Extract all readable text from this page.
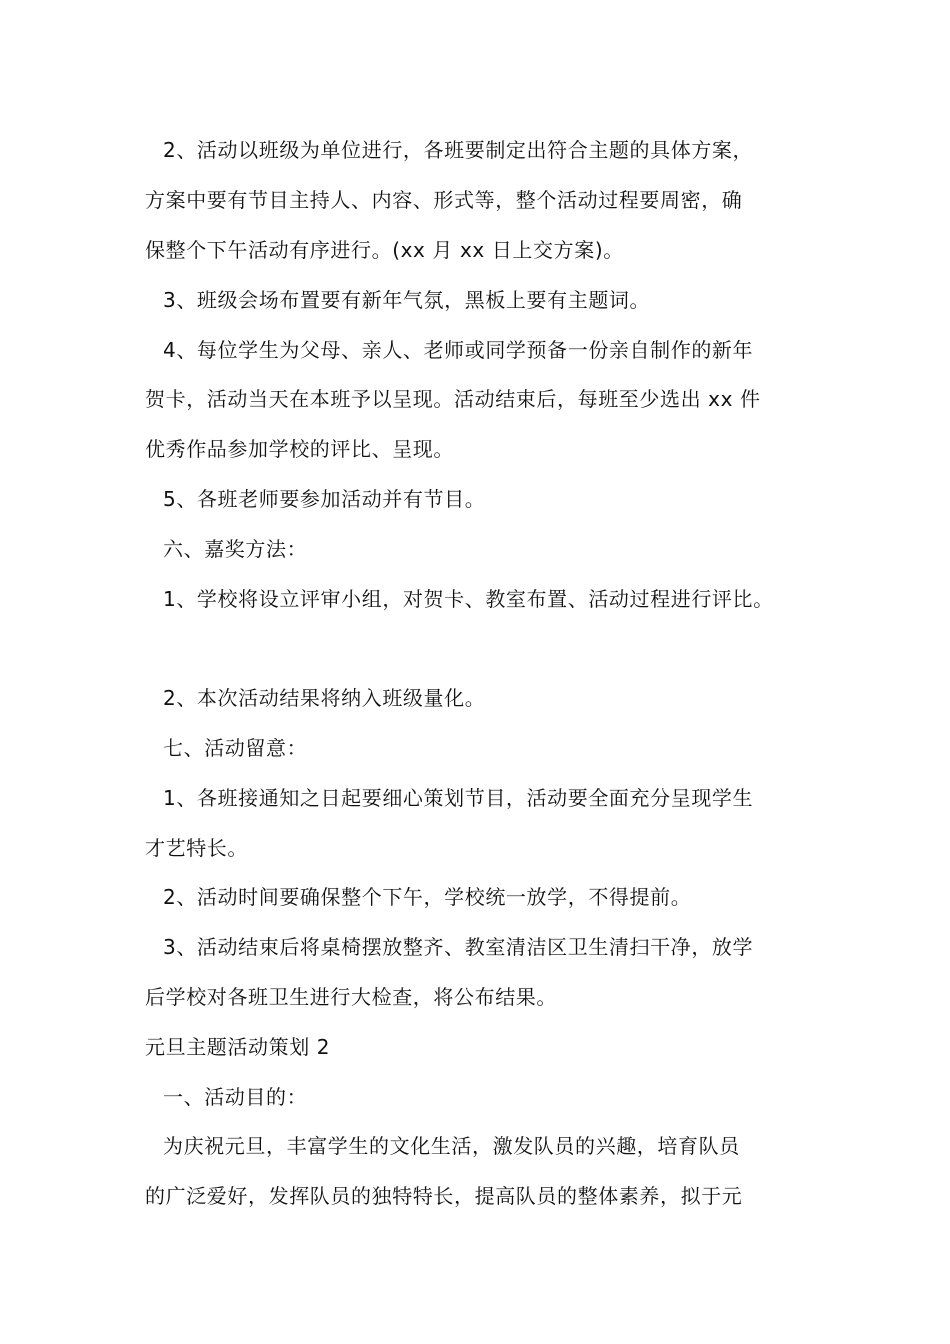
2、活动以班级为单位进行，各班要制定出符合主题的具体方案，
方案中要有节目主持人、内容、形式等，整个活动过程要周密，确
保整个下午活动有序进行。(xx 月 xx 日上交方案)。
3、班级会场布置要有新年气氛，黑板上要有主题词。
4、每位学生为父母、亲人、老师或同学预备一份亲自制作的新年
贺卡，活动当天在本班予以呈现。活动结束后，每班至少选出 xx 件
优秀作品参加学校的评比、呈现。
5、各班老师要参加活动并有节目。
六、嘉奖方法：
1、学校将设立评审小组，对贺卡、教室布置、活动过程进行评比。
2、本次活动结果将纳入班级量化。
七、活动留意：
1、各班接通知之日起要细心策划节目，活动要全面充分呈现学生
才艺特长。
2、活动时间要确保整个下午，学校统一放学，不得提前。
3、活动结束后将桌椅摆放整齐、教室清洁区卫生清扫干净，放学
后学校对各班卫生进行大检查，将公布结果。
元旦主题活动策划 2
一、活动目的：
为庆祝元旦，丰富学生的文化生活，激发队员的兴趣，培育队员
的广泛爱好，发挥队员的独特特长，提高队员的整体素养，拟于元
